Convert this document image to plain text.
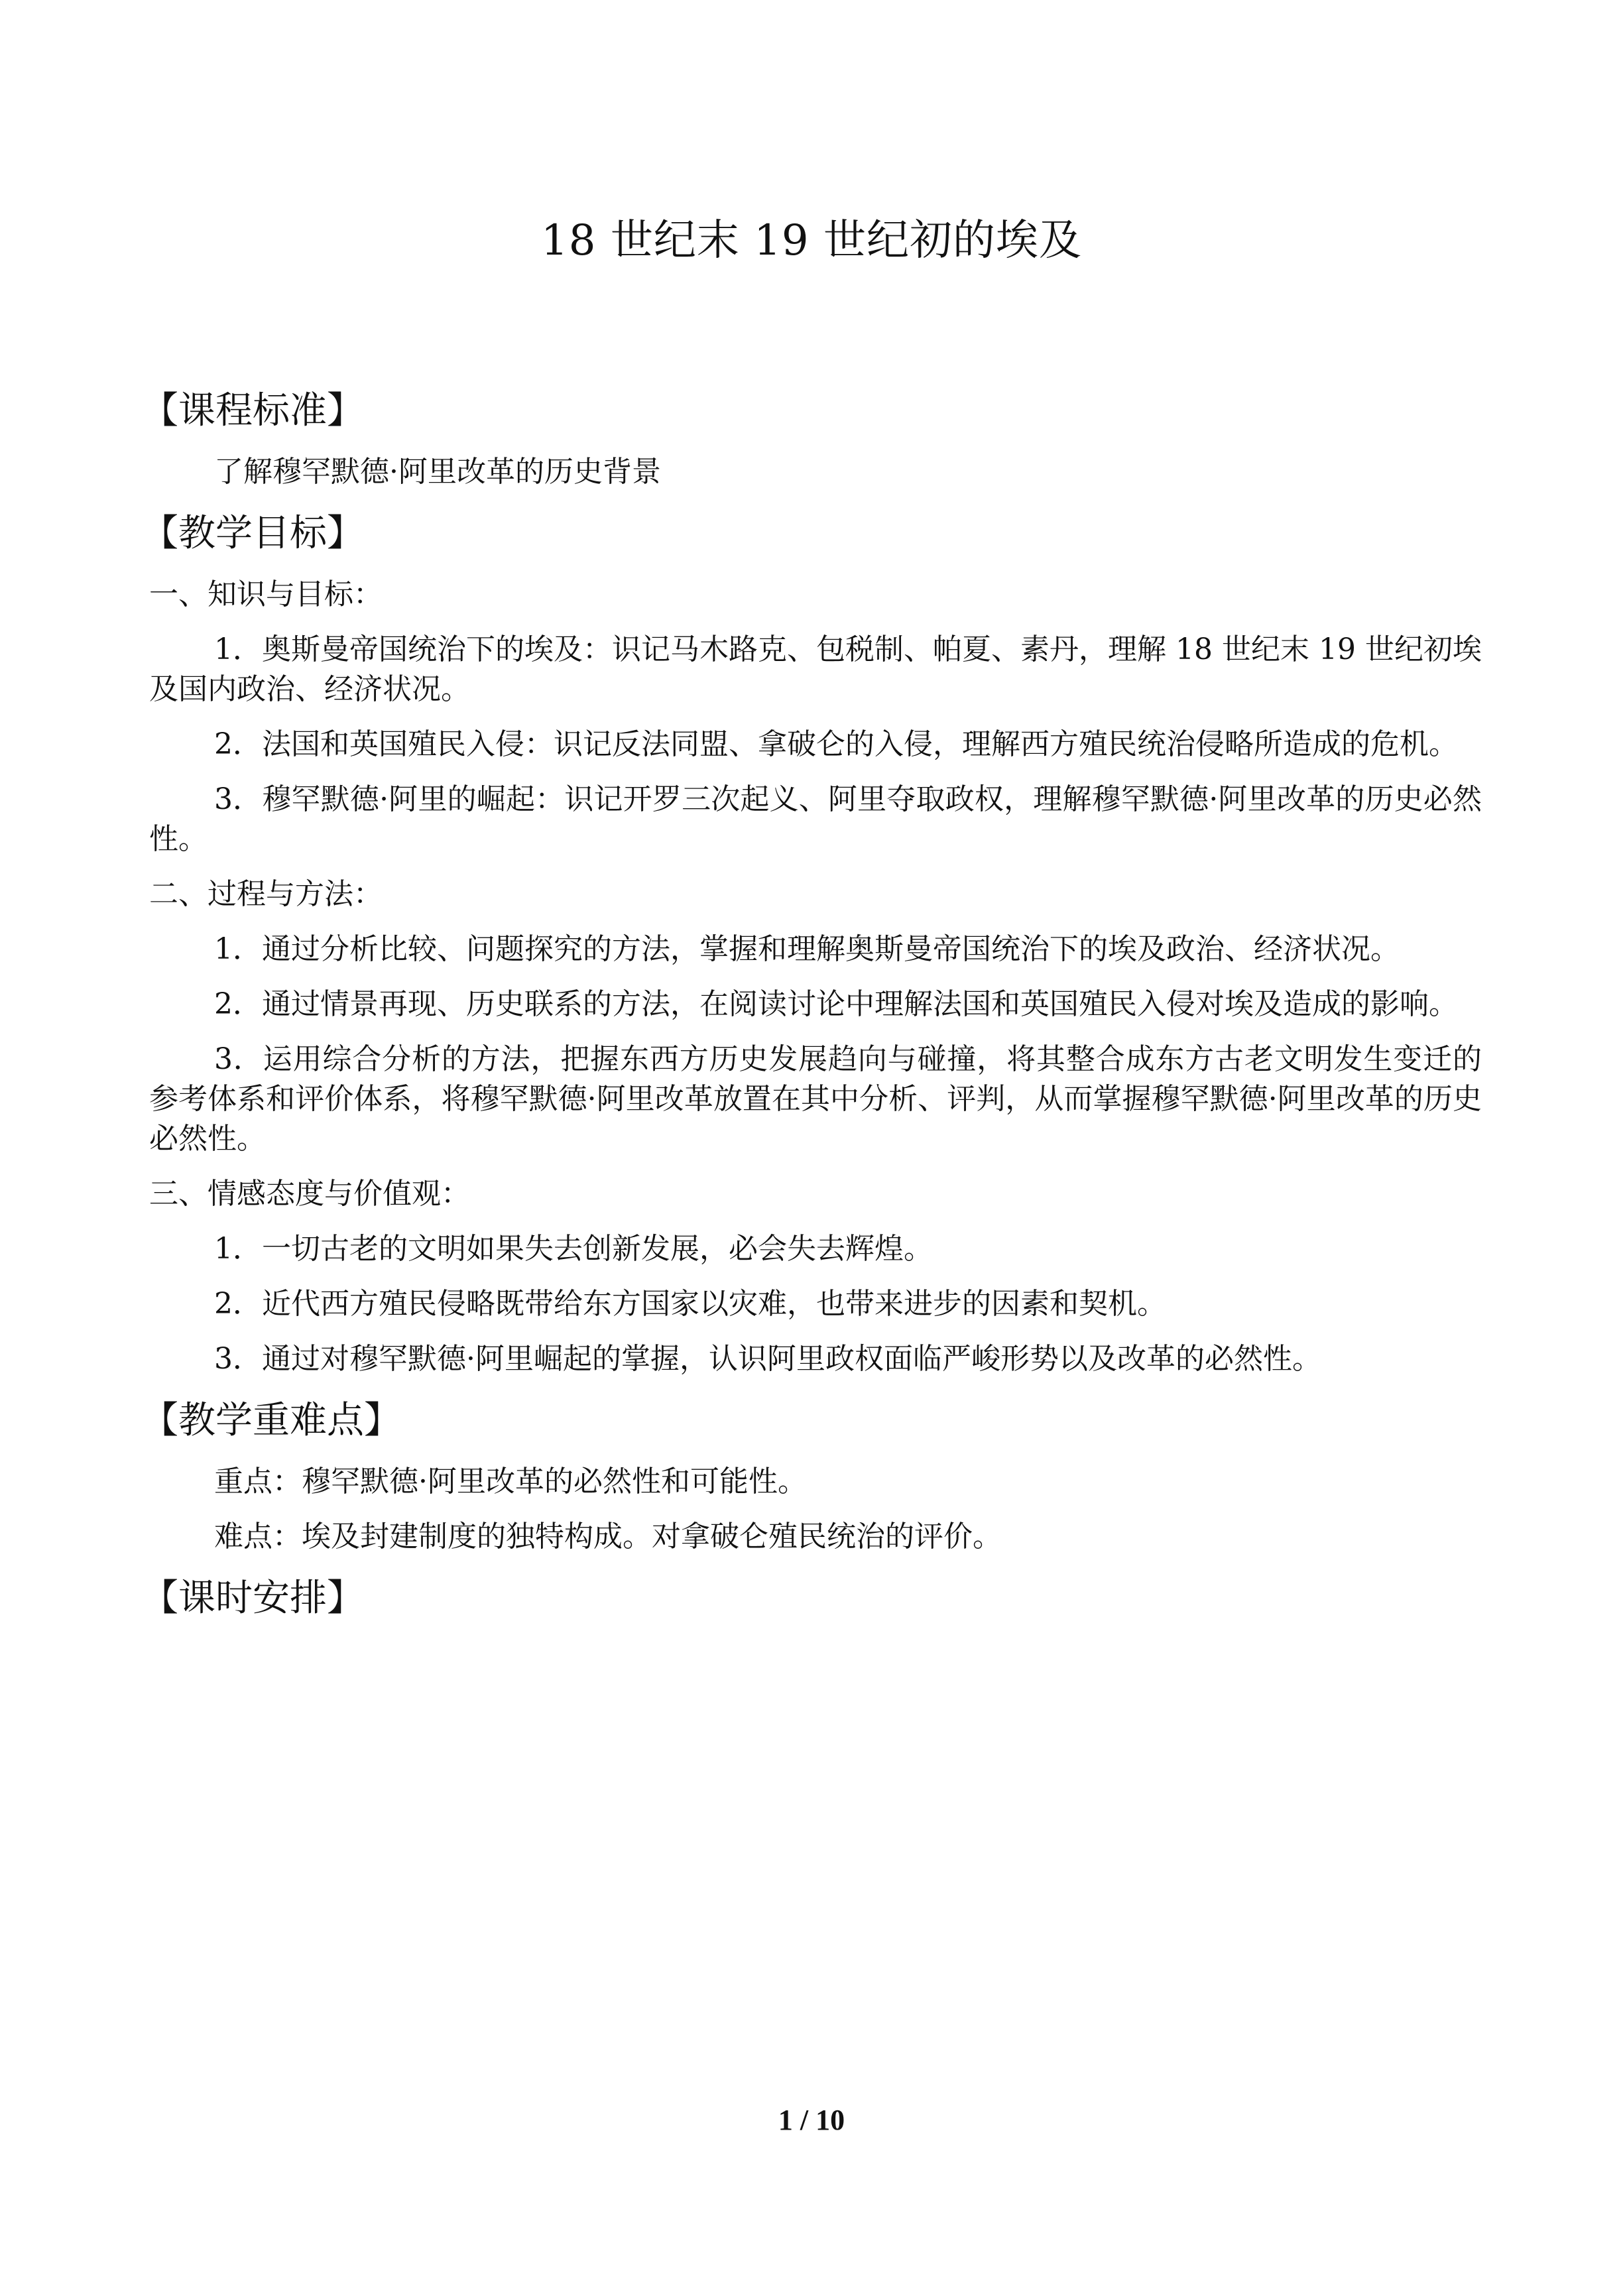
18 世纪末 19 世纪初的埃及
【课程标准】

了解穆罕默德·阿里改革的历史背景

【教学目标】

一、知识与目标：

1．奥斯曼帝国统治下的埃及：识记马木路克、包税制、帕夏、素丹，理解 18 世纪末 19 世纪初埃及国内政治、经济状况。

2．法国和英国殖民入侵：识记反法同盟、拿破仑的入侵，理解西方殖民统治侵略所造成的危机。

3．穆罕默德·阿里的崛起：识记开罗三次起义、阿里夺取政权，理解穆罕默德·阿里改革的历史必然性。

二、过程与方法：

1．通过分析比较、问题探究的方法，掌握和理解奥斯曼帝国统治下的埃及政治、经济状况。

2．通过情景再现、历史联系的方法，在阅读讨论中理解法国和英国殖民入侵对埃及造成的影响。

3．运用综合分析的方法，把握东西方历史发展趋向与碰撞，将其整合成东方古老文明发生变迁的参考体系和评价体系，将穆罕默德·阿里改革放置在其中分析、评判，从而掌握穆罕默德·阿里改革的历史必然性。

三、情感态度与价值观：

1．一切古老的文明如果失去创新发展，必会失去辉煌。

2．近代西方殖民侵略既带给东方国家以灾难，也带来进步的因素和契机。

3．通过对穆罕默德·阿里崛起的掌握，认识阿里政权面临严峻形势以及改革的必然性。

【教学重难点】

重点：穆罕默德·阿里改革的必然性和可能性。

难点：埃及封建制度的独特构成。对拿破仑殖民统治的评价。

【课时安排】
1 / 10
